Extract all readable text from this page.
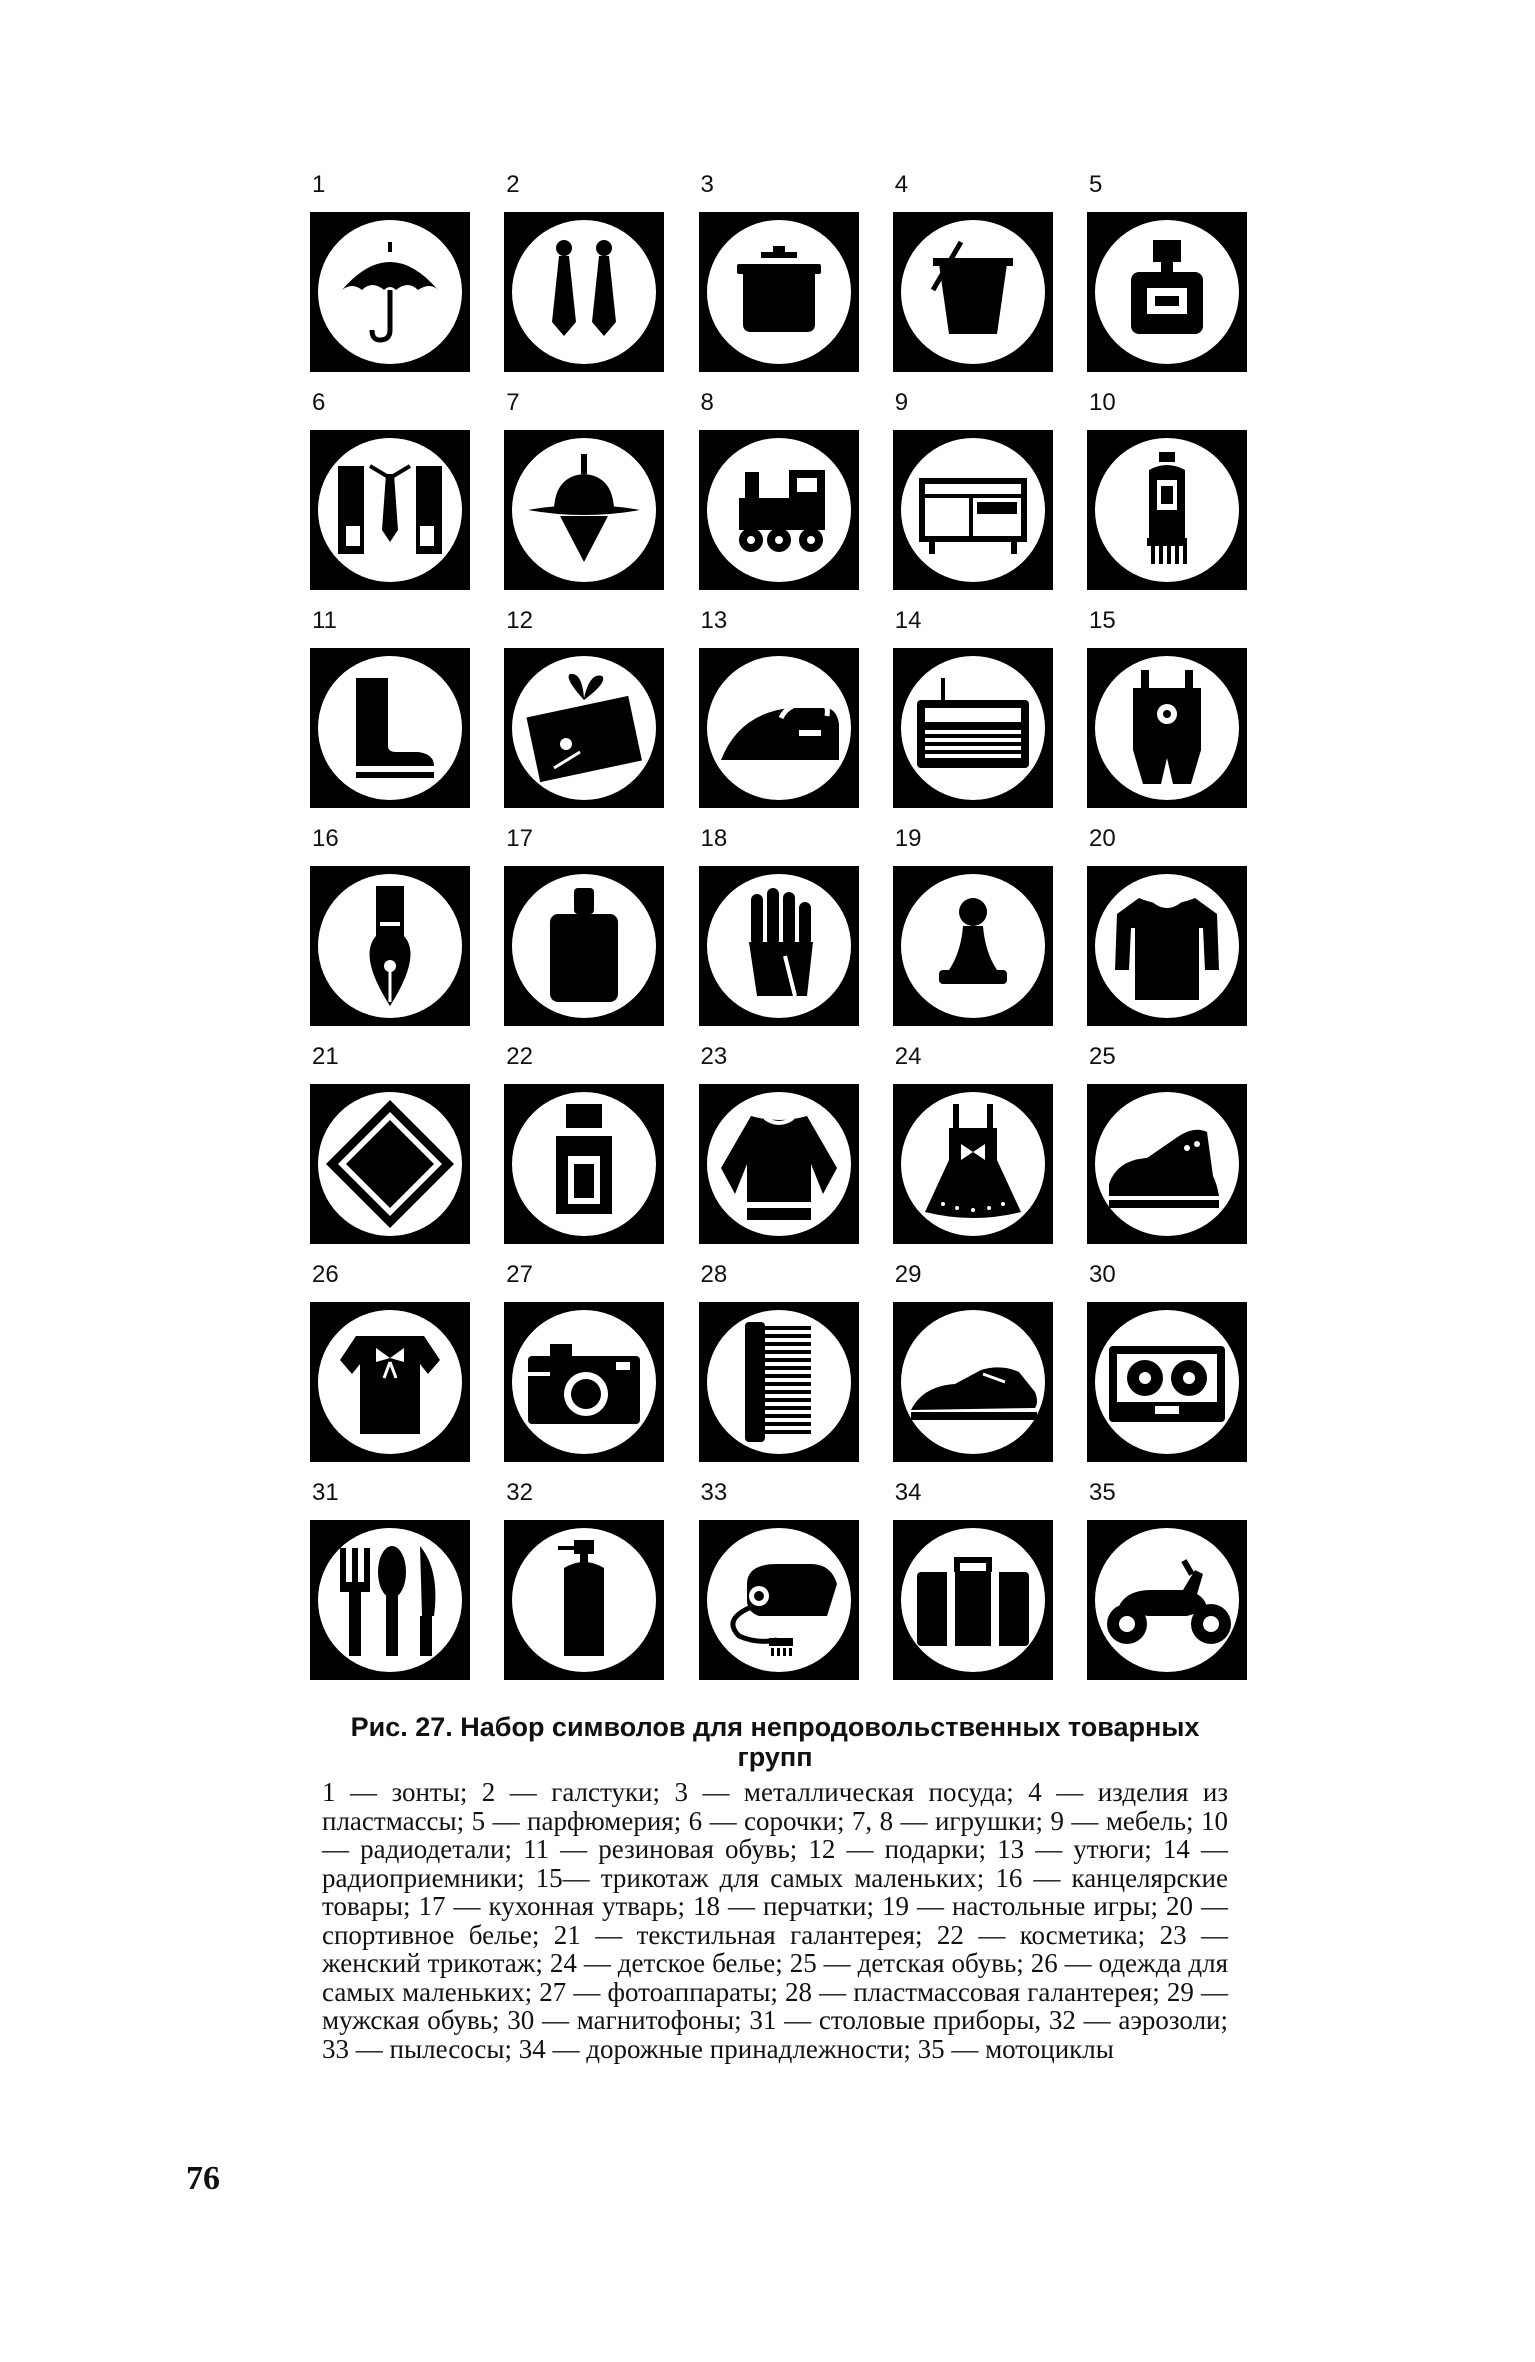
1	2	3	4	5
6	7	8	9	10
11	12	13	14	15
16	17	18	19	20
21	22	23	24	25
26	27	28	29	30
31	32	33	34	35

Рис. 27. Набор символов для непродовольственных товарных групп

1 — зонты; 2 — галстуки; 3 — металлическая посуда; 4 — изделия из пластмассы; 5 — парфюмерия; 6 — сорочки; 7, 8 — игрушки; 9 — мебель; 10 — радиодетали; 11 — резиновая обувь; 12 — подарки; 13 — утюги; 14 — радиоприемники; 15— трикотаж для самых маленьких; 16 — канцелярские товары; 17 — кухонная утварь; 18 — перчатки; 19 — настольные игры; 20 — спортивное белье; 21 — текстильная галантерея; 22 — косметика; 23 — женский трикотаж; 24 — детское белье; 25 — детская обувь; 26 — одежда для самых маленьких; 27 — фотоаппараты; 28 — пластмассовая галантерея; 29 — мужская обувь; 30 — магнитофоны; 31 — столовые приборы, 32 — аэрозоли; 33 — пылесосы; 34 — дорожные принадлежности; 35 — мотоциклы

76
